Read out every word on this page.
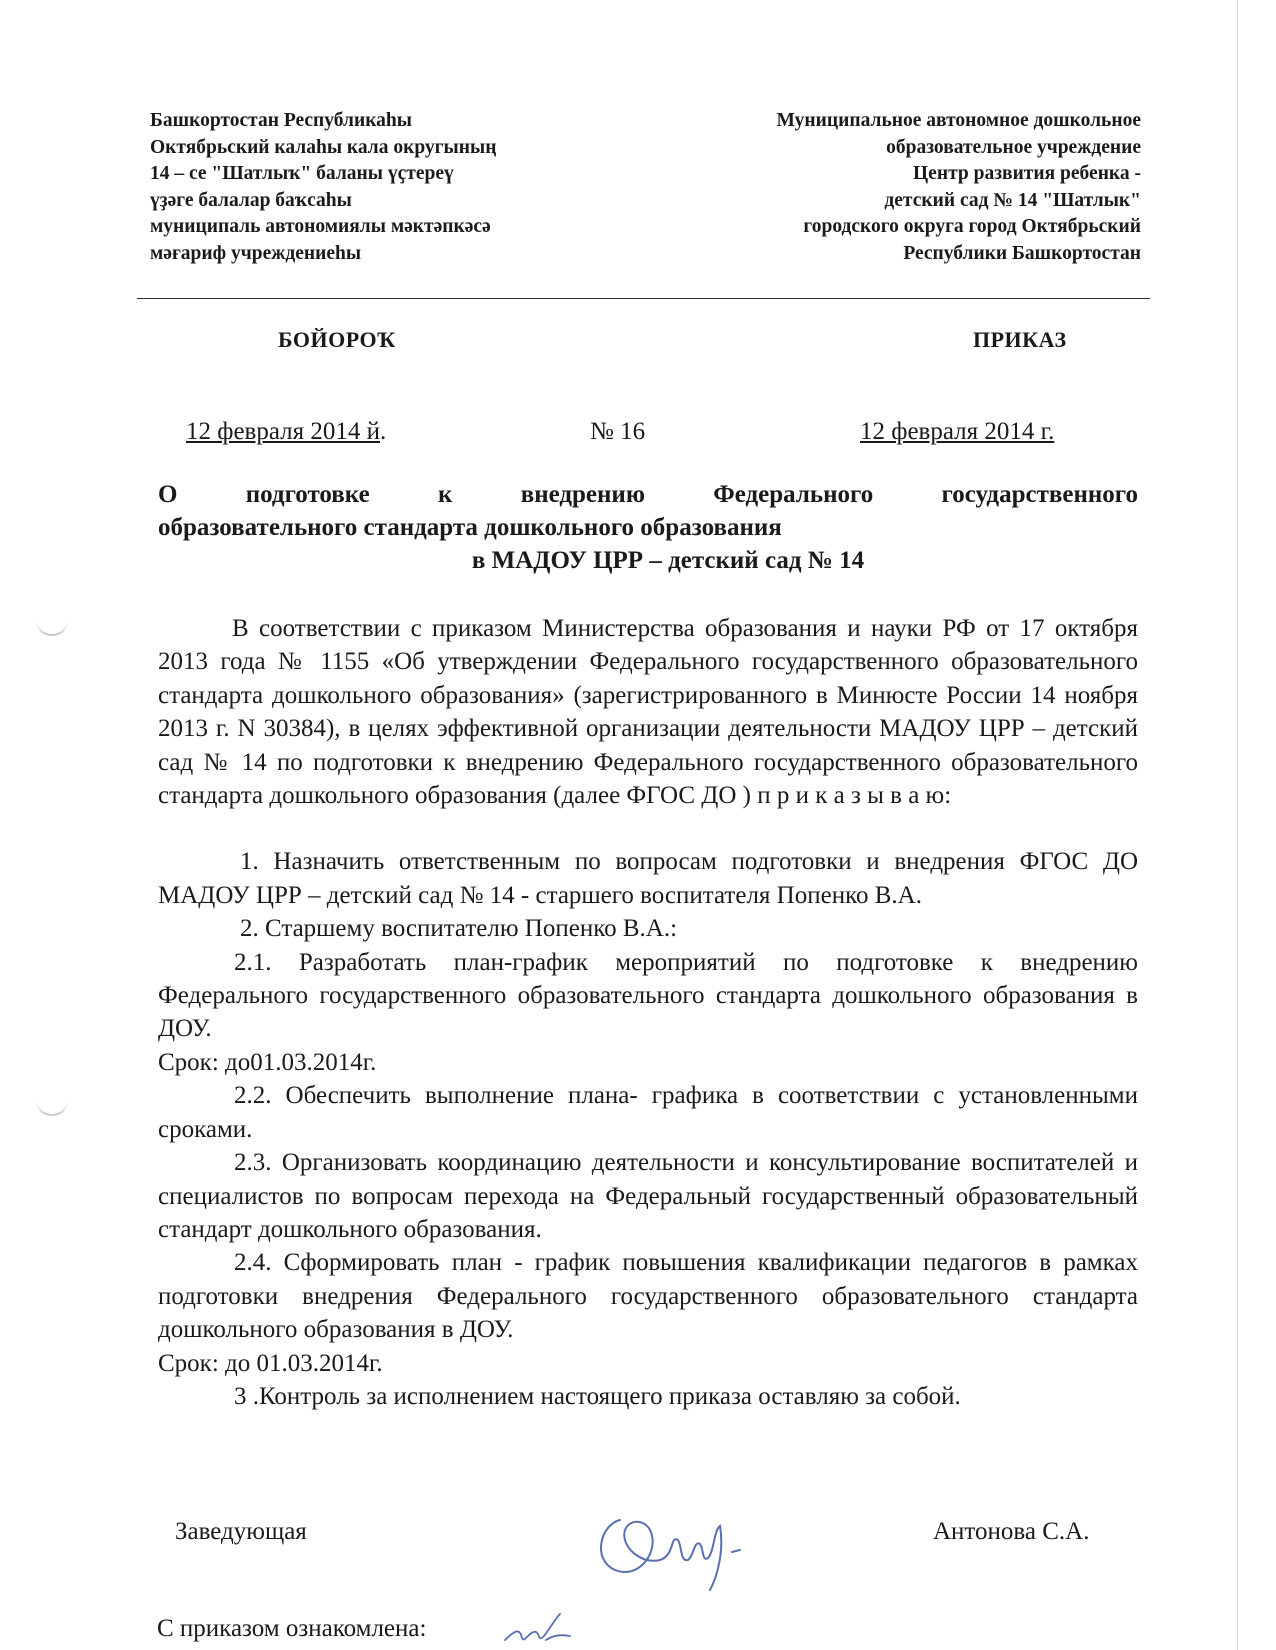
Башкортостан Республикаhы
Октябрьский калаhы кала округының
14 – се "Шатлыҡ" баланы үҫтереү
үҙәге балалар баҡсаhы
муниципаль автономиялы мәктәпкәсә
мәғариф учреждениеhы
Муниципальное автономное дошкольное
образовательное учреждение
Центр развития ребенка -
детский сад № 14 "Шатлык"
городского округа город Октябрьский
Республики Башкортостан
БОЙОРОҠ	ПРИКАЗ
12 февраля 2014 й.	№ 16	12 февраля 2014 г.
О подготовке к внедрению Федерального государственного
образовательного стандарта дошкольного образования
в МАДОУ ЦРР – детский сад № 14

В соответствии с приказом Министерства образования и науки РФ от 17 октября 2013 года № 1155 «Об утверждении Федерального государственного образовательного стандарта дошкольного образования» (зарегистрированного в Минюсте России 14 ноября 2013 г. N 30384), в целях эффективной организации деятельности МАДОУ ЦРР – детский сад № 14 по подготовки к внедрению Федерального государственного образовательного стандарта дошкольного образования (далее ФГОС ДО ) п р и к а з ы в а ю:

1. Назначить ответственным по вопросам подготовки и внедрения ФГОС ДО МАДОУ ЦРР – детский сад № 14 - старшего воспитателя Попенко В.А.

2. Старшему воспитателю Попенко В.А.:

2.1. Разработать план-график мероприятий по подготовке к внедрению Федерального государственного образовательного стандарта дошкольного образования в ДОУ.

Срок: до01.03.2014г.

2.2. Обеспечить выполнение плана- графика в соответствии с установленными сроками.

2.3. Организовать координацию деятельности и консультирование воспитателей и специалистов по вопросам перехода на Федеральный государственный образовательный стандарт дошкольного образования.

2.4. Сформировать план - график повышения квалификации педагогов в рамках подготовки внедрения Федерального государственного образовательного стандарта дошкольного образования в ДОУ.

Срок: до 01.03.2014г.

3 .Контроль за исполнением настоящего приказа оставляю за собой.

Заведующая	Антонова С.А.
С приказом ознакомлена:
